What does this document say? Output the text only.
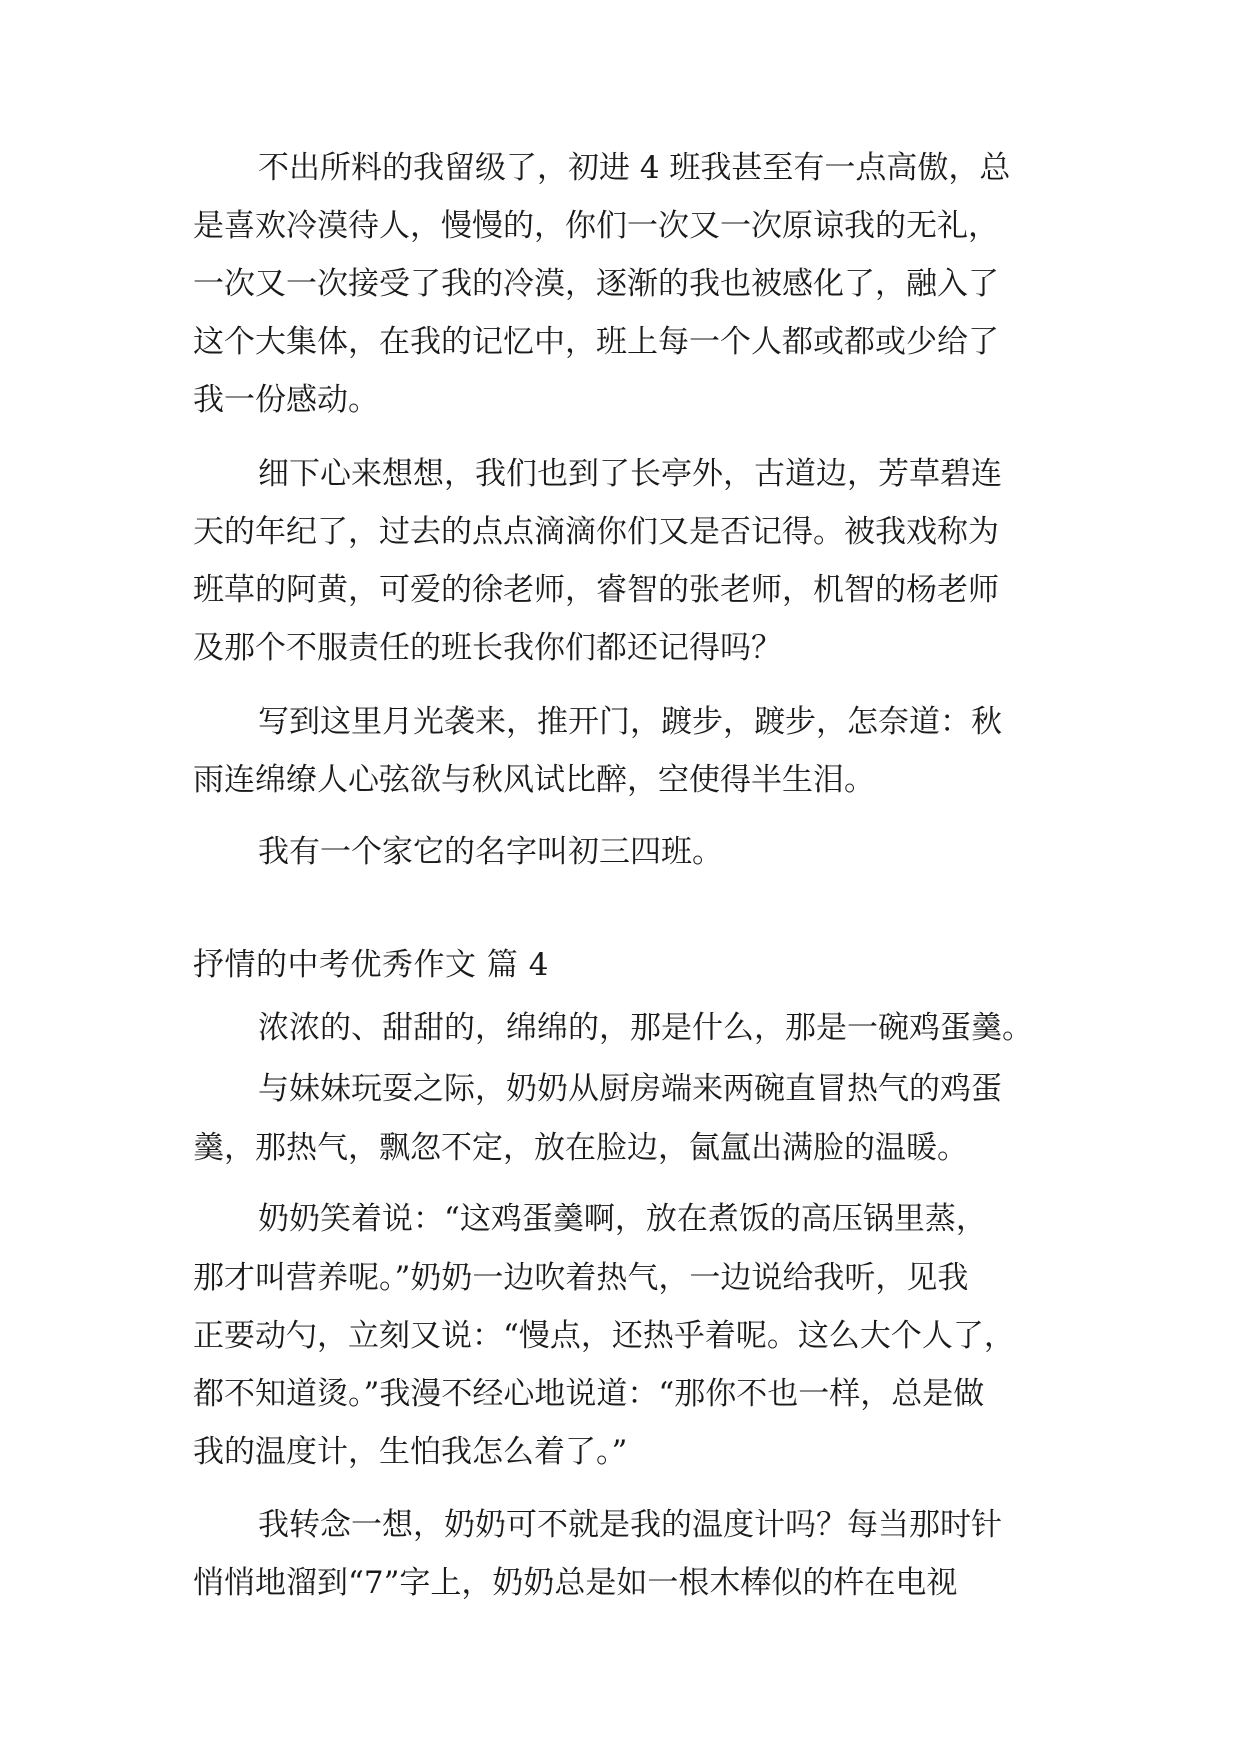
不出所料的我留级了，初进 4 班我甚至有一点高傲，总

是喜欢冷漠待人，慢慢的，你们一次又一次原谅我的无礼，

一次又一次接受了我的冷漠，逐渐的我也被感化了，融入了

这个大集体，在我的记忆中，班上每一个人都或都或少给了

我一份感动。

细下心来想想，我们也到了长亭外，古道边，芳草碧连

天的年纪了，过去的点点滴滴你们又是否记得。被我戏称为

班草的阿黄，可爱的徐老师，睿智的张老师，机智的杨老师

及那个不服责任的班长我你们都还记得吗？

写到这里月光袭来，推开门，踱步，踱步，怎奈道：秋

雨连绵缭人心弦欲与秋风试比醉，空使得半生泪。

我有一个家它的名字叫初三四班。

抒情的中考优秀作文 篇 4

浓浓的、甜甜的，绵绵的，那是什么，那是一碗鸡蛋羹。

与妹妹玩耍之际，奶奶从厨房端来两碗直冒热气的鸡蛋

羹，那热气，飘忽不定，放在脸边，氤氲出满脸的温暖。

奶奶笑着说：“这鸡蛋羹啊，放在煮饭的高压锅里蒸，

那才叫营养呢。”奶奶一边吹着热气，一边说给我听，见我

正要动勺，立刻又说：“慢点，还热乎着呢。这么大个人了，

都不知道烫。”我漫不经心地说道：“那你不也一样，总是做

我的温度计，生怕我怎么着了。”

我转念一想，奶奶可不就是我的温度计吗？每当那时针

悄悄地溜到“7”字上，奶奶总是如一根木棒似的杵在电视
